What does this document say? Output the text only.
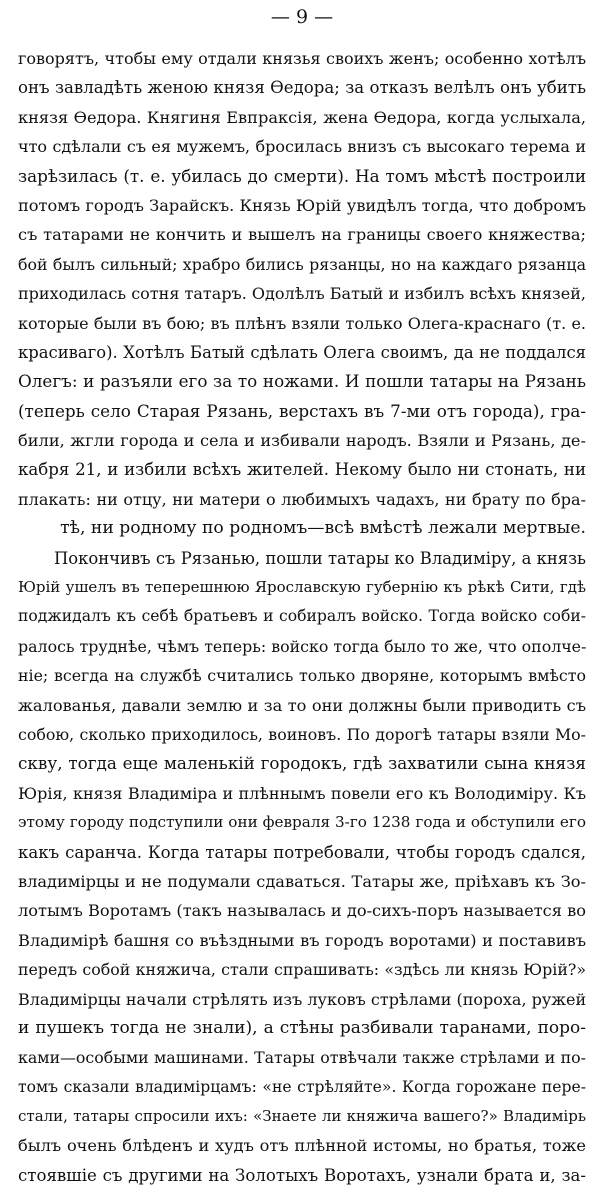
— 9 —
говорятъ, чтобы ему отдали князья своихъ женъ; особенно хотѣлъ
онъ завладѣть женою князя Ѳедора; за отказъ велѣлъ онъ убить
князя Ѳедора. Княгиня Евпраксія, жена Ѳедора, когда услыхала,
что сдѣлали съ ея мужемъ, бросилась внизъ съ высокаго терема и
зарѣзилась (т. е. убилась до смерти). На томъ мѣстѣ построили
потомъ городъ Зарайскъ. Князь Юрій увидѣлъ тогда, что добромъ
съ татарами не кончить и вышелъ на границы своего княжества;
бой былъ сильный; храбро бились рязанцы, но на каждаго рязанца
приходилась сотня татаръ. Одолѣлъ Батый и избилъ всѣхъ князей,
которые были въ бою; въ плѣнъ взяли только Олега-краснаго (т. е.
красиваго). Хотѣлъ Батый сдѣлать Олега своимъ, да не поддался
Олегъ: и разъяли его за то ножами. И пошли татары на Рязань
(теперь село Старая Рязань, верстахъ въ 7-ми отъ города), гра-
били, жгли города и села и избивали народъ. Взяли и Рязань, де-
кабря 21, и избили всѣхъ жителей. Некому было ни стонать, ни
плакать: ни отцу, ни матери о любимыхъ чадахъ, ни брату по брa-
тѣ, ни родному по родномъ—всѣ вмѣстѣ лежали мертвые.
Покончивъ съ Рязанью, пошли татары ко Владиміру, а князь
Юрій ушелъ въ теперешнюю Ярославскую губернію къ рѣкѣ Сити, гдѣ
поджидалъ къ себѣ братьевъ и собиралъ войско. Тогда войско соби-
ралось труднѣе, чѣмъ теперь: войско тогда было то же, что ополче-
ніе; всегда на службѣ считались только дворяне, которымъ вмѣсто
жалованья, давали землю и за то они должны были приводить съ
собою, сколько приходилось, воиновъ. По дорогѣ татары взяли Мо-
скву, тогда еще маленькій городокъ, гдѣ захватили сына князя
Юрія, князя Владиміра и плѣннымъ повели его къ Володиміру. Къ
этому городу подступили они февраля 3-го 1238 года и обступили его
какъ саранча. Когда татары потребовали, чтобы городъ сдался,
владимірцы и не подумали сдаваться. Татары же, пріѣхавъ къ Зо-
лотымъ Воротамъ (такъ называлась и до-сихъ-поръ называется во
Владимірѣ башня со въѣздными въ городъ воротами) и поставивъ
передъ собой княжича, стали спрашивать: «здѣсь ли князь Юрій?»
Владимірцы начали стрѣлять изъ луковъ стрѣлами (пороха, ружей
и пушекъ тогда не знали), а стѣны разбивали таранами, поро-
ками—особыми машинами. Татары отвѣчали также стрѣлами и по-
томъ сказали владимірцамъ: «не стрѣляйте». Когда горожане пере-
стали, татары спросили ихъ: «Знаете ли княжича вашего?» Владимірь
былъ очень блѣденъ и худъ отъ плѣнной истомы, но братья, тоже
стоявшіе съ другими на Золотыхъ Воротахъ, узнали брата и, за-
